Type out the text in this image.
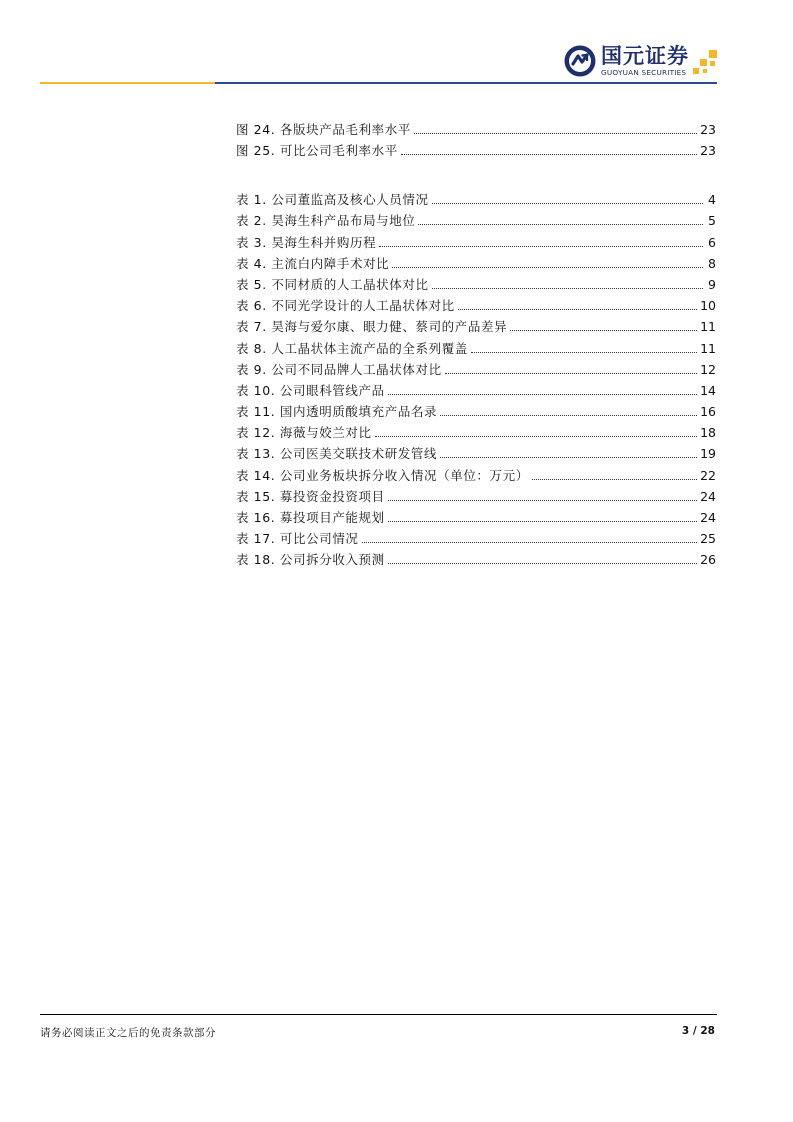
国元证券
GUOYUAN SECURITIES
图 24. 各版块产品毛利率水平	23
图 25. 可比公司毛利率水平	23
表 1. 公司董监高及核心人员情况	4
表 2. 昊海生科产品布局与地位	5
表 3. 昊海生科并购历程	6
表 4. 主流白内障手术对比	8
表 5. 不同材质的人工晶状体对比	9
表 6. 不同光学设计的人工晶状体对比	10
表 7. 昊海与爱尔康、眼力健、蔡司的产品差异	11
表 8. 人工晶状体主流产品的全系列覆盖	11
表 9. 公司不同品牌人工晶状体对比	12
表 10. 公司眼科管线产品	14
表 11. 国内透明质酸填充产品名录	16
表 12. 海薇与姣兰对比	18
表 13. 公司医美交联技术研发管线	19
表 14. 公司业务板块拆分收入情况（单位：万元）	22
表 15. 募投资金投资项目	24
表 16. 募投项目产能规划	24
表 17. 可比公司情况	25
表 18. 公司拆分收入预测	26
请务必阅读正文之后的免责条款部分	3 / 28
